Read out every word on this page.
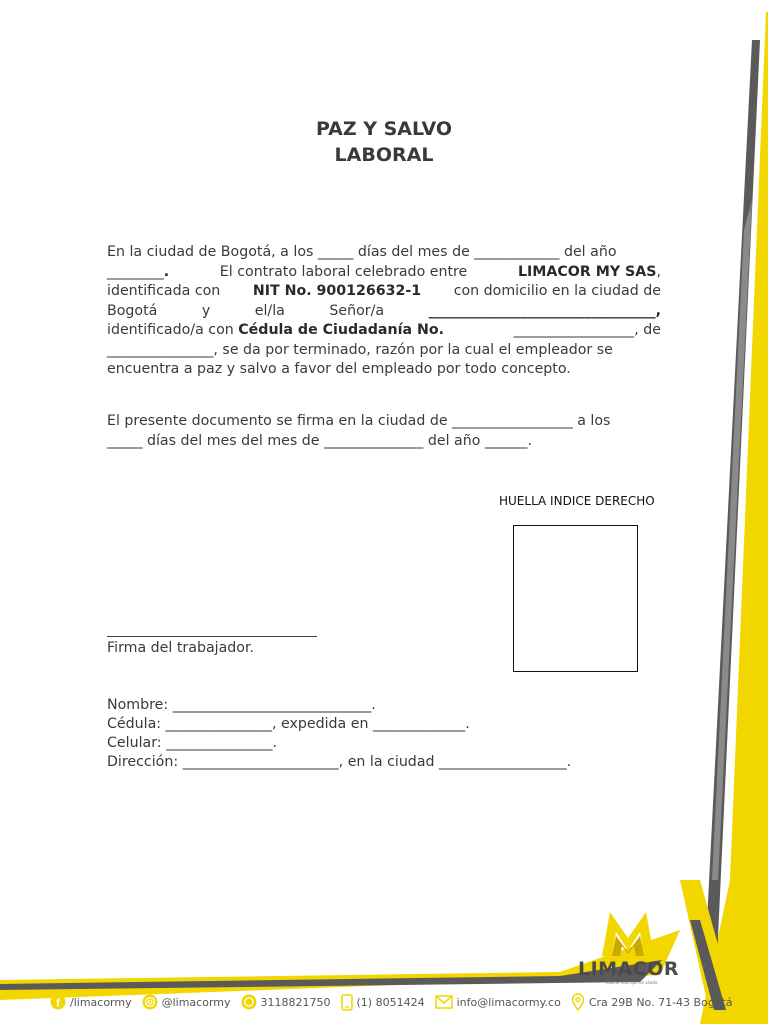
PAZ Y SALVO
LABORAL
En la ciudad de Bogotá, a los _____ días del mes de ____________ del año
________.	El contrato laboral celebrado entre	LIMACOR MY SAS,
identificada con NIT No. 900126632-1 con domicilio en la ciudad de
Bogotá	y	el/la	Señor/a	________________________________,
identificado/a con Cédula de Ciudadanía No.	_________________, de
_______________, se da por terminado, razón por la cual el empleador se
encuentra a paz y salvo a favor del empleado por todo concepto.
El presente documento se firma en la ciudad de _________________ a los
_____ días del mes del mes de ______________ del año ______.
HUELLA INDICE DERECHO
Firma del trabajador.
Nombre: ____________________________.
Cédula: _______________, expedida en _____________.
Celular: _______________.
Dirección: ______________________, en la ciudad __________________.
LIMACOR
Mucho más que un aliado
f /limacormy	@limacormy	3118821750 (1) 8051424	info@limacormy.co	Cra 29B No. 71-43 Bogotá
